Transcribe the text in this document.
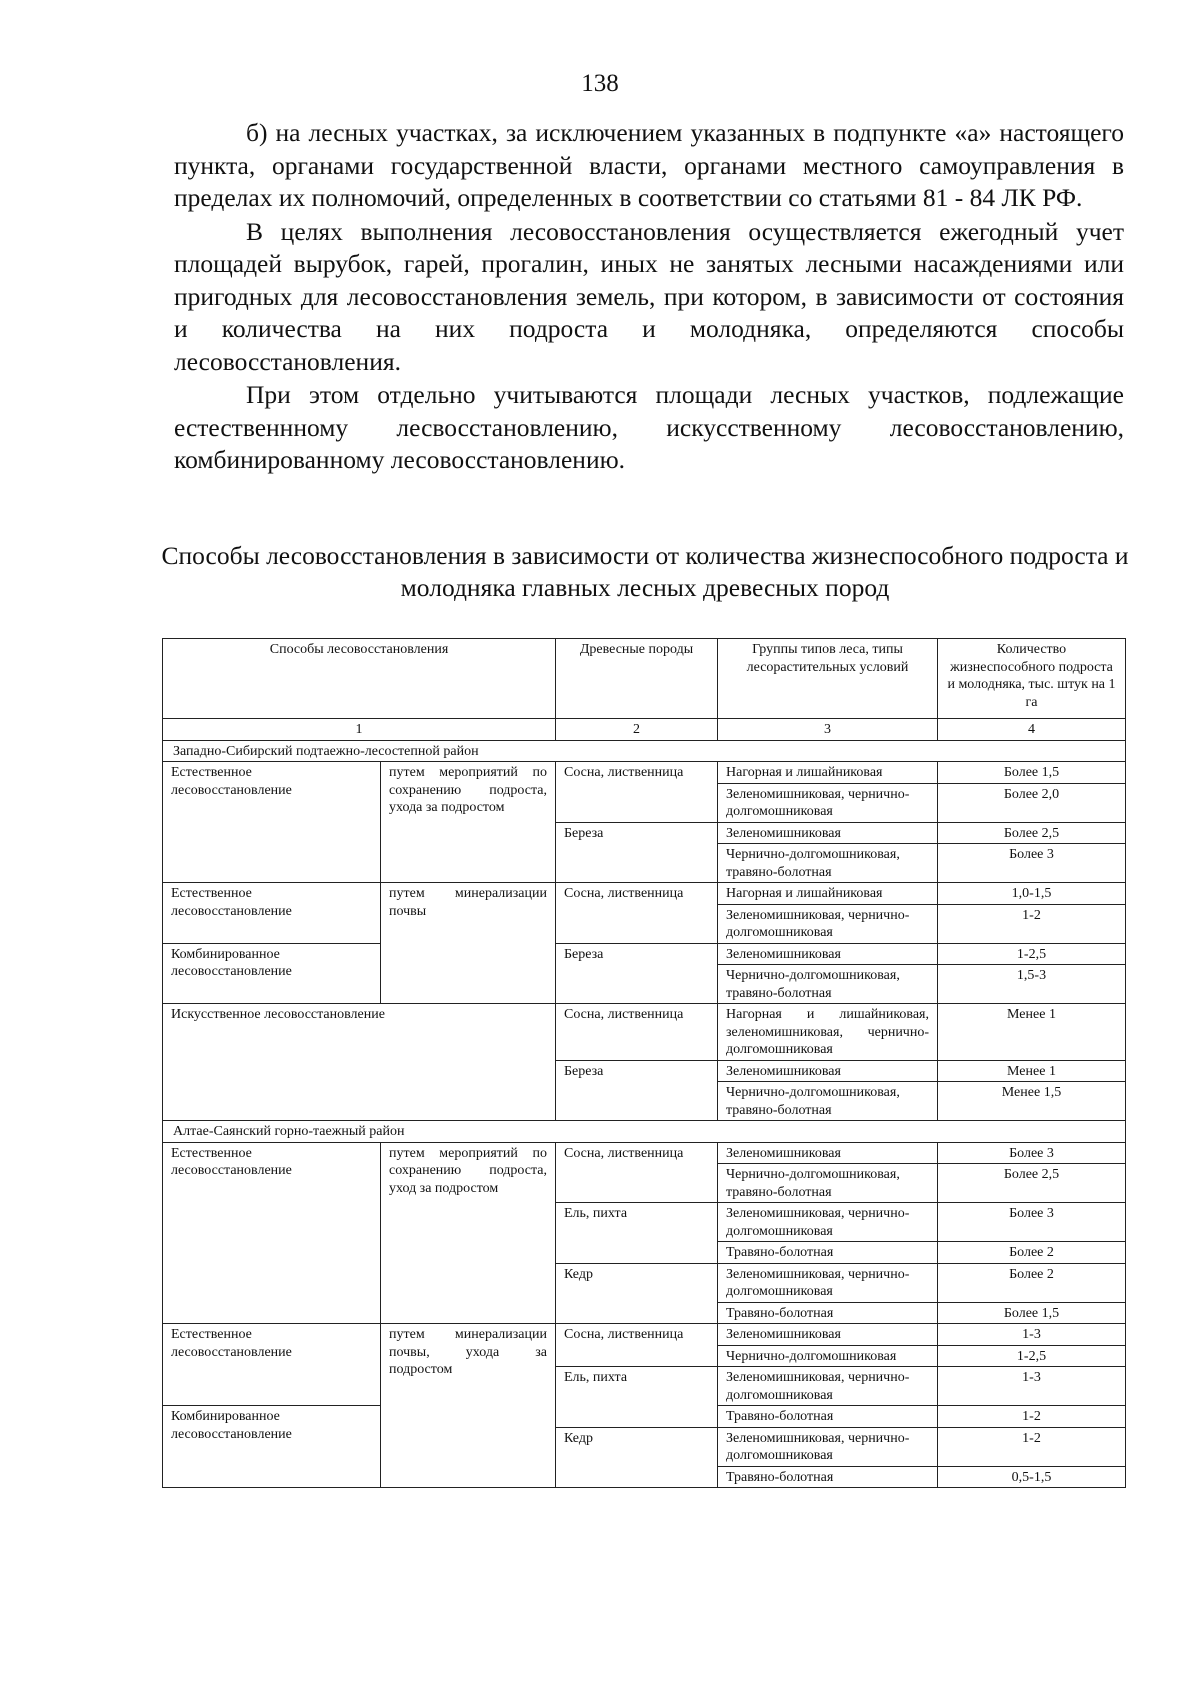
138

б) на лесных участках, за исключением указанных в подпункте «а» настоящего пункта, органами государственной власти, органами местного самоуправления в пределах их полномочий, определенных в соответствии со статьями 81 - 84 ЛК РФ.

В целях выполнения лесовосстановления осуществляется ежегодный учет площадей вырубок, гарей, прогалин, иных не занятых лесными насаждениями или пригодных для лесовосстановления земель, при котором, в зависимости от состояния и количества на них подроста и молодняка, определяются способы лесовосстановления.

При этом отдельно учитываются площади лесных участков, подлежащие естественнному лесвосстановлению, искусственному лесовосстановлению, комбинированному лесовосстановлению.

Способы лесовосстановления в зависимости от количества жизнеспособного подроста и молодняка главных лесных древесных пород
Способы лесовосстановления		Древесные породы	Группы типов леса, типы лесорастительных условий	Количество жизнеспособного подроста и молодняка, тыс. штук на 1 га
1		2	3	4
Западно-Сибирский подтаежно-лесостепной район				
Естественное лесовосстановление	путем мероприятий по сохранению подроста, ухода за подростом	Сосна, лиственница	Нагорная и лишайниковая	Более 1,5
			Зеленомишниковая, чернично-долгомошниковая	Более 2,0
		Береза	Зеленомишниковая	Более 2,5
			Чернично-долгомошниковая, травяно-болотная	Более 3
Естественное лесовосстановление	путем минерализации почвы	Сосна, лиственница	Нагорная и лишайниковая	1,0-1,5
			Зеленомишниковая, чернично-долгомошниковая	1-2
Комбинированное лесовосстановление		Береза	Зеленомишниковая	1-2,5
			Чернично-долгомошниковая, травяно-болотная	1,5-3
Искусственное лесовосстановление		Сосна, лиственница	Нагорная и лишайниковая, зеленомишниковая, чернично-долгомошниковая	Менее 1
		Береза	Зеленомишниковая	Менее 1
			Чернично-долгомошниковая, травяно-болотная	Менее 1,5
Алтае-Саянский горно-таежный район				
Естественное лесовосстановление	путем мероприятий по сохранению подроста, уход за подростом	Сосна, лиственница	Зеленомишниковая	Более 3
			Чернично-долгомошниковая, травяно-болотная	Более 2,5
		Ель, пихта	Зеленомишниковая, чернично-долгомошниковая	Более 3
			Травяно-болотная	Более 2
		Кедр	Зеленомишниковая, чернично-долгомошниковая	Более 2
			Травяно-болотная	Более 1,5
Естественное лесовосстановление	путем минерализации почвы, ухода за подростом	Сосна, лиственница	Зеленомишниковая	1-3
			Чернично-долгомошниковая	1-2,5
		Ель, пихта	Зеленомишниковая, чернично-долгомошниковая	1-3
Комбинированное лесовосстановление			Травяно-болотная	1-2
		Кедр	Зеленомишниковая, чернично-долгомошниковая	1-2
			Травяно-болотная	0,5-1,5
